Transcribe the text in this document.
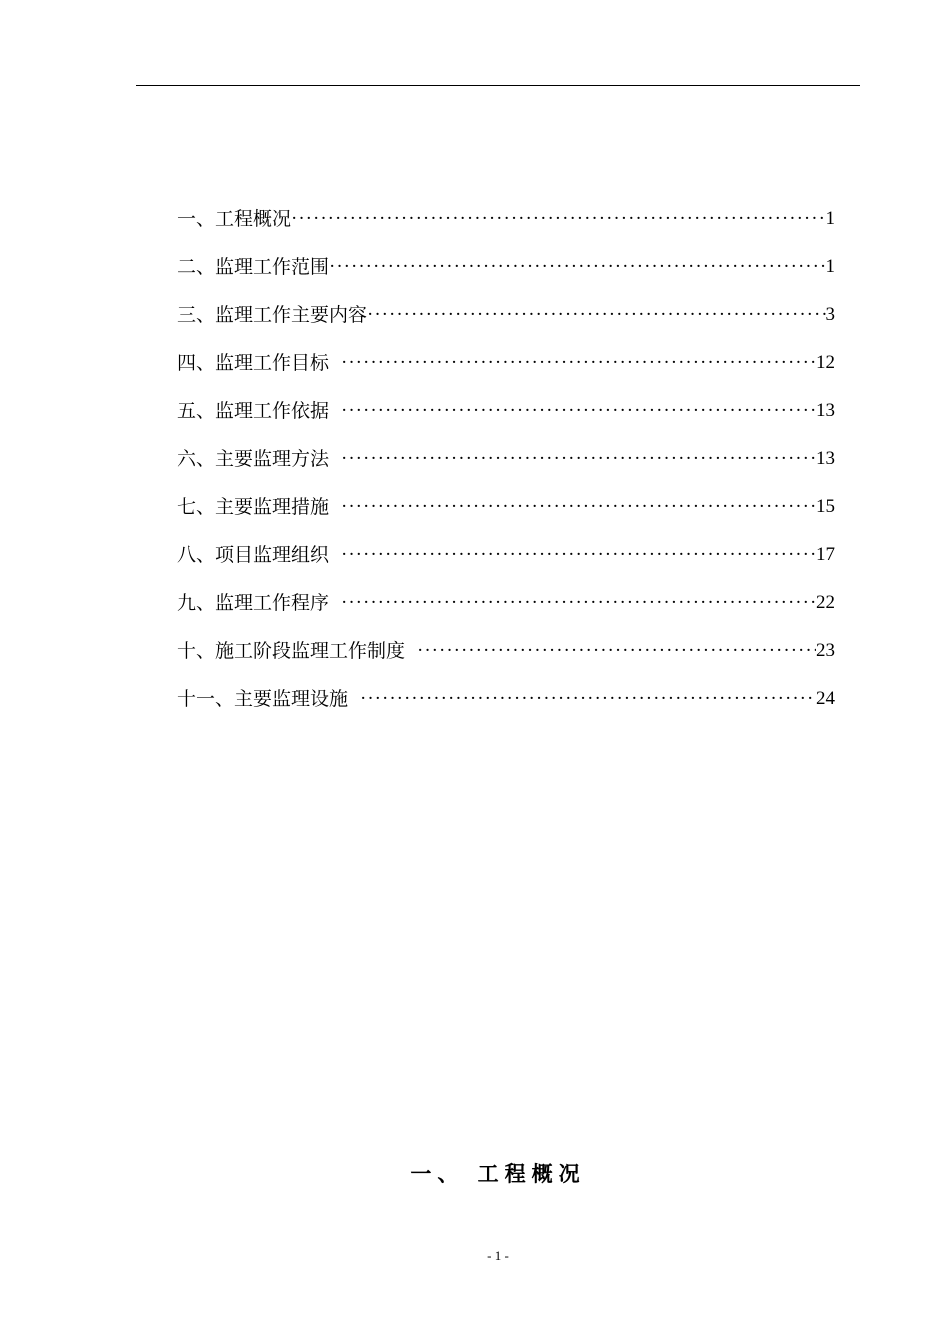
一、工程概况 ·····	1
二、监理工作范围 ·····	1
三、监理工作主要内容 ·····	3
四、监理工作目标 ·····	12
五、监理工作依据 ·····	13
六、主要监理方法 ·····	13
七、主要监理措施 ·····	15
八、项目监理组织 ·····	17
九、监理工作程序 ·····	22
十、施工阶段监理工作制度 ·····	23
十一、主要监理设施 ·····	24
一、 工程概况
- 1 -
